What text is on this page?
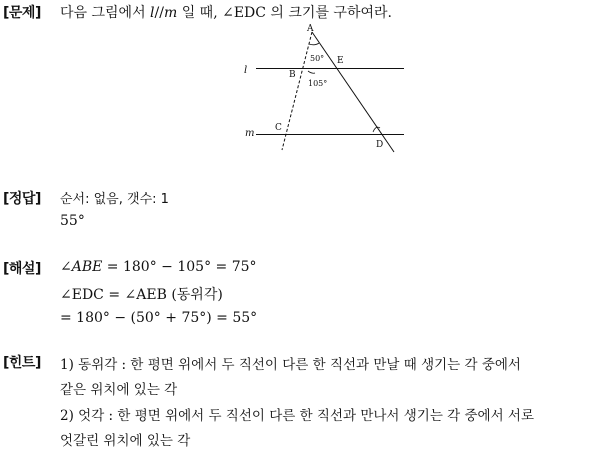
[문제] 다음 그림에서 l//m 일 때, ∠EDC 의 크기를 구하여라.
A
50° E
l	B
105°
m C
D
[정답] 순서: 없음, 갯수: 1
55°
[해설] ∠ABE = 180° − 105° = 75°
∠EDC = ∠AEB (동위각)
= 180° − (50° + 75°) = 55°
[힌트] 1) 동위각 : 한 평면 위에서 두 직선이 다른 한 직선과 만날 때 생기는 각 중에서
같은 위치에 있는 각
2) 엇각 : 한 평면 위에서 두 직선이 다른 한 직선과 만나서 생기는 각 중에서 서로
엇갈린 위치에 있는 각
